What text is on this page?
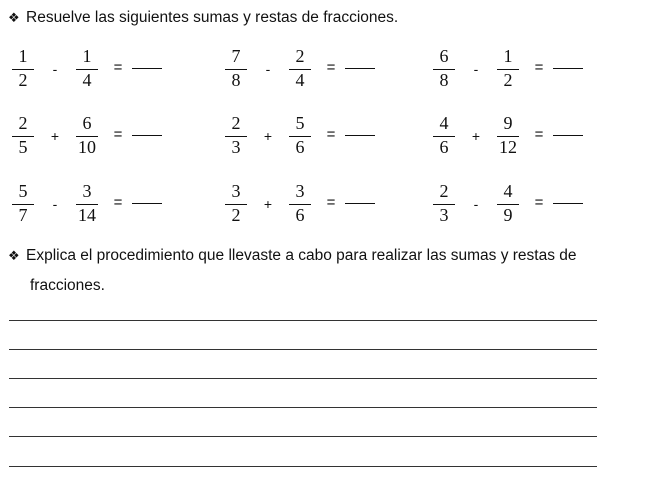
❖ Resuelve las siguientes sumas y restas de fracciones.
1
2
-
1
4
=
7
8
-
2
4
=
6
8
-
1
2
=
2
5
+
6
10
=
2
3
+
5
6
=
4
6
+
9
12
=
5
7
-
3
14
=
3
2
+
3
6
=
2
3
-
4
9
=
❖ Explica el procedimiento que llevaste a cabo para realizar las sumas y restas de
fracciones.
